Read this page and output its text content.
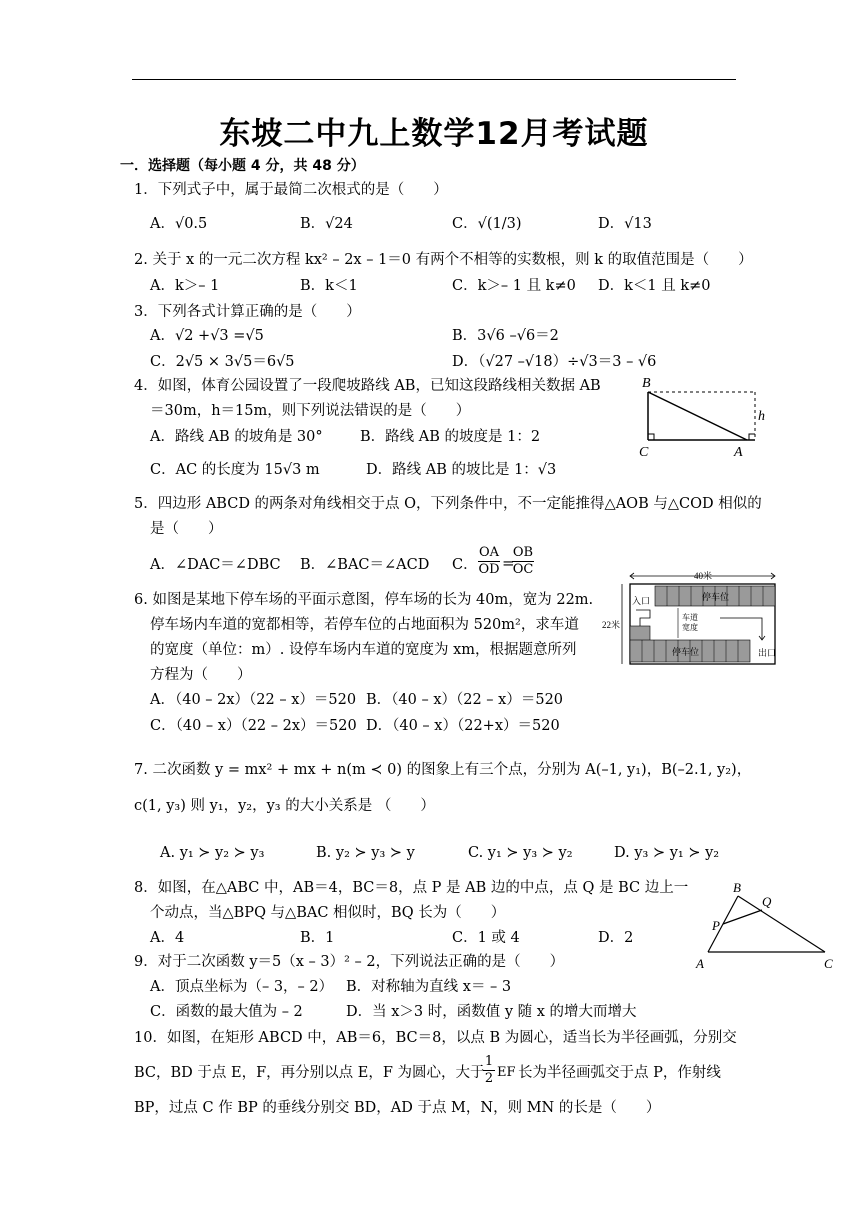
东坡二中九上数学12月考试题
一．选择题（每小题 4 分，共 48 分）
1．下列式子中，属于最简二次根式的是（　　）
A．√0.5	B．√24	C．√(1/3)	D．√13
2. 关于 x 的一元二次方程 kx² – 2x – 1＝0 有两个不相等的实数根，则 k 的取值范围是（　　）
A．k＞– 1	B．k＜1	C．k＞– 1 且 k≠0 D．k＜1 且 k≠0
3．下列各式计算正确的是（　　）
A．√2 +√3 =√5	B．3√6 –√6＝2
C．2√5 × 3√5＝6√5	D．（√27 –√18）÷√3＝3 – √6
4．如图，体育公园设置了一段爬坡路线 AB，已知这段路线相关数据 AB
＝30m，h＝15m，则下列说法错误的是（　　）
A．路线 AB 的坡角是 30°	B．路线 AB 的坡度是 1：2
C．AC 的长度为 15√3 m	D．路线 AB 的坡比是 1：√3
B
C	A
h
5．四边形 ABCD 的两条对角线相交于点 O，下列条件中，不一定能推得△AOB 与△COD 相似的
是（　　）
A．∠DAC＝∠DBC B．∠BAC＝∠ACD C． $\frac{OA}{OD}$ =
$\frac{OB}{OC}$
6. 如图是某地下停车场的平面示意图，停车场的长为 40m，宽为 22m.
停车场内车道的宽都相等，若停车位的占地面积为 520m²，求车道
的宽度（单位：m）. 设停车场内车道的宽度为 xm，根据题意所列
方程为（　　）
A．（40 – 2x）（22 – x）＝520 B．（40 – x）（22 – x）＝520
C．（40 – x）（22 – 2x）＝520 D．（40 – x）（22+x）＝520
40米
停车位
停车位
22米
入口
车道
宽度
出口
7. 二次函数 y = mx² + mx + n(m ≺ 0) 的图象上有三个点，分别为 A(–1, y₁)，B(–2.1, y₂)，
c(1, y₃) 则 y₁，y₂，y₃ 的大小关系是 （　　）
A. y₁ ≻ y₂ ≻ y₃	B. y₂ ≻ y₃ ≻ y	C. y₁ ≻ y₃ ≻ y₂	D. y₃ ≻ y₁ ≻ y₂
8．如图，在△ABC 中，AB＝4，BC＝8，点 P 是 AB 边的中点，点 Q 是 BC 边上一
个动点，当△BPQ 与△BAC 相似时，BQ 长为（　　）
A．4	B．1	C．1 或 4	D．2
B
Q
P
A	C
9．对于二次函数 y＝5（x – 3）² – 2，下列说法正确的是（　　）
A．顶点坐标为（– 3，– 2） B．对称轴为直线 x＝ – 3
C．函数的最大值为 – 2	D．当 x＞3 时，函数值 y 随 x 的增大而增大
10．如图，在矩形 ABCD 中，AB＝6，BC＝8，以点 B 为圆心，适当长为半径画弧，分别交
BC，BD 于点 E，F，再分别以点 E，F 为圆心，大于
$\frac{1}{2}$ EF 长为半径画弧交于点 P，作射线
BP，过点 C 作 BP 的垂线分别交 BD，AD 于点 M，N，则 MN 的长是（　　）
